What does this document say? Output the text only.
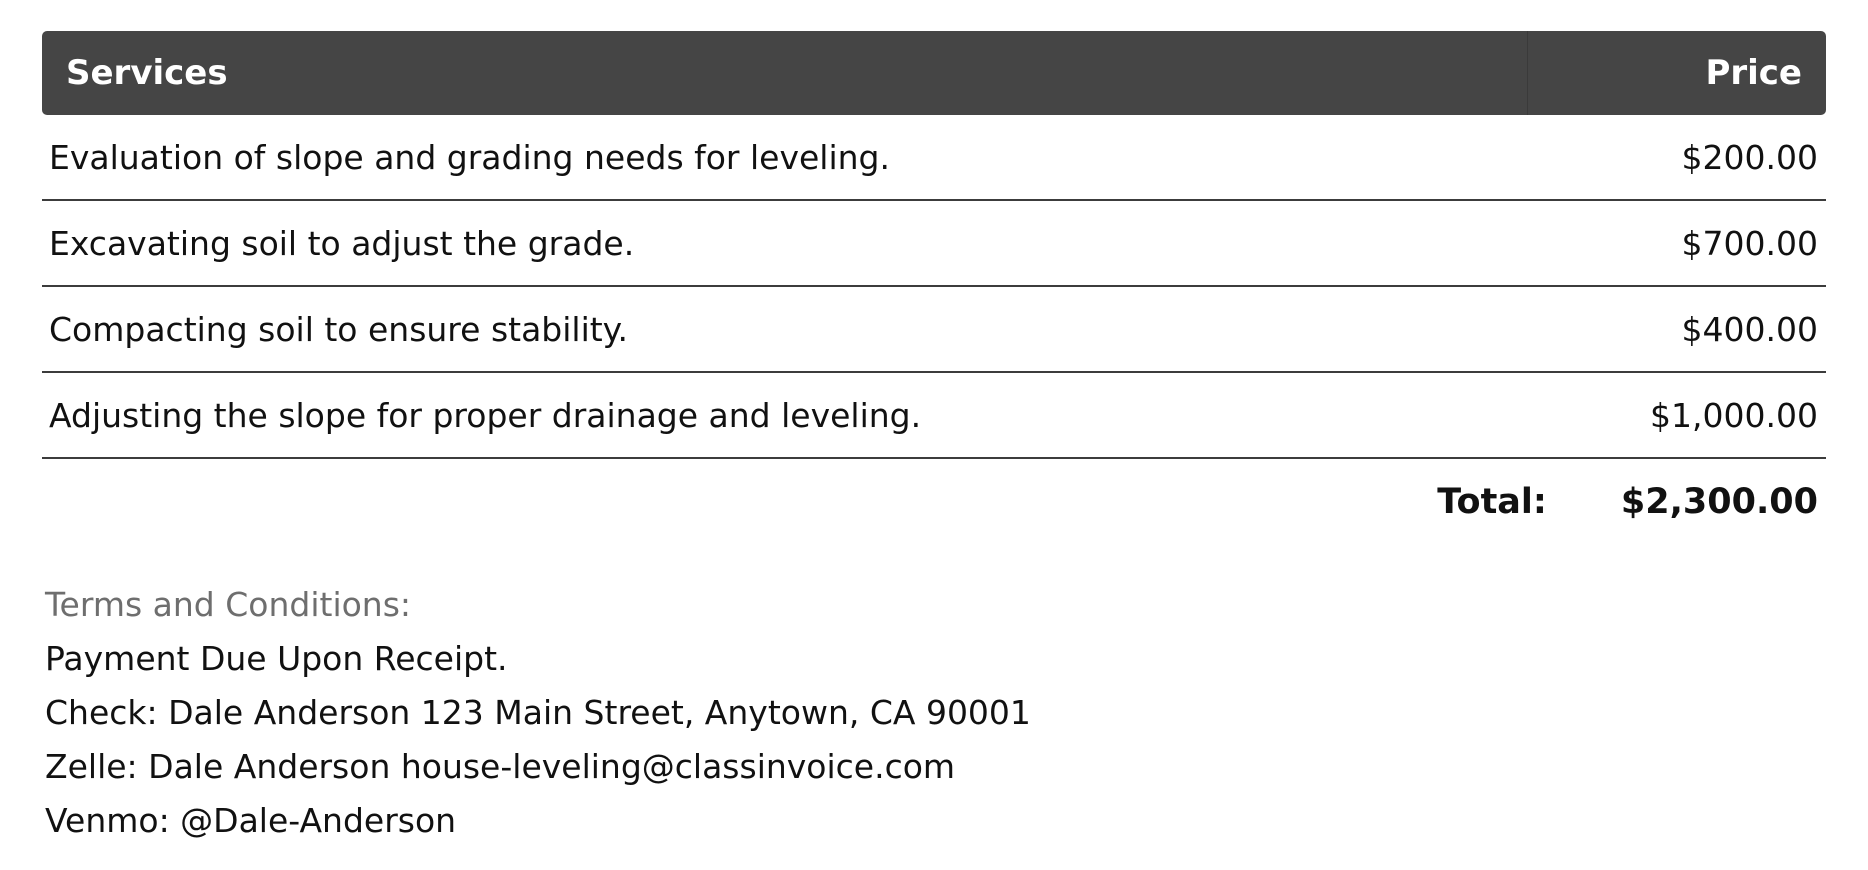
Services	Price
Evaluation of slope and grading needs for leveling.	$200.00
Excavating soil to adjust the grade.	$700.00
Compacting soil to ensure stability.	$400.00
Adjusting the slope for proper drainage and leveling.	$1,000.00
Total: $2,300.00
Terms and Conditions:
Payment Due Upon Receipt.
Check: Dale Anderson 123 Main Street, Anytown, CA 90001
Zelle: Dale Anderson house-leveling@classinvoice.com
Venmo: @Dale-Anderson
